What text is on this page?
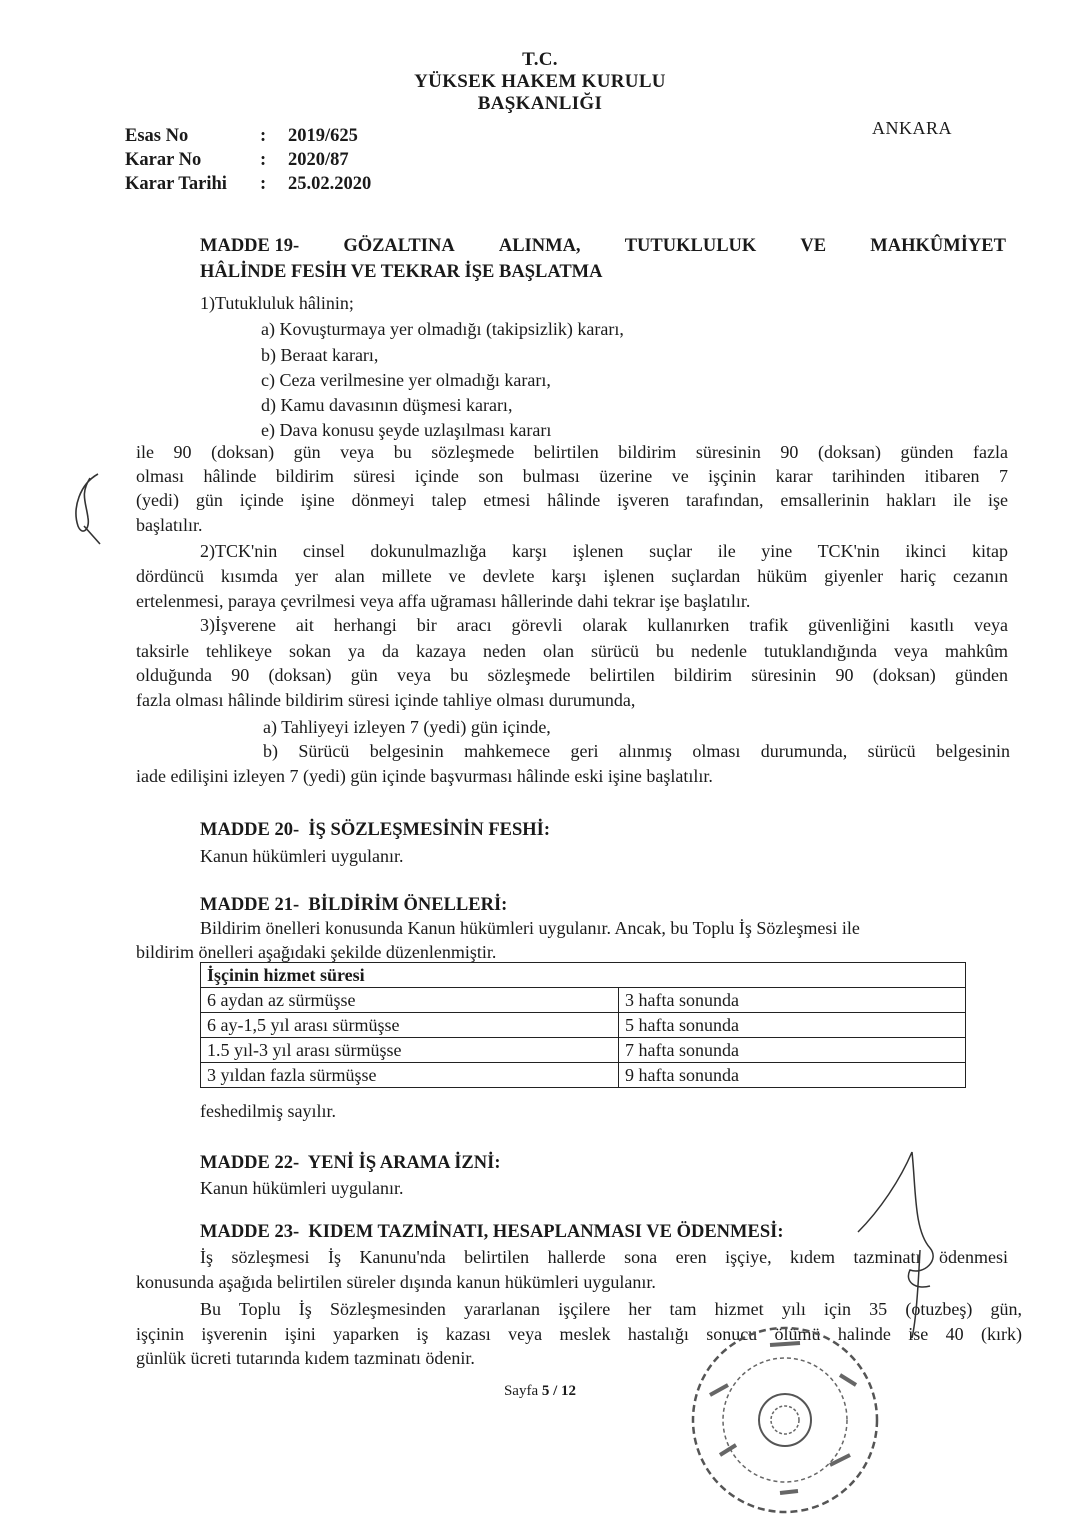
T.C.
YÜKSEK HAKEM KURULU
BAŞKANLIĞI
ANKARA
Esas No	:	2019/625
Karar No	:	2020/87
Karar Tarihi	:	25.02.2020
MADDE 19- GÖZALTINA ALINMA, TUTUKLULUK VE MAHKÛMİYET
HÂLİNDE FESİH VE TEKRAR İŞE BAŞLATMA
1)Tutukluluk hâlinin;
a) Kovuşturmaya yer olmadığı (takipsizlik) kararı,
b) Beraat kararı,
c) Ceza verilmesine yer olmadığı kararı,
d) Kamu davasının düşmesi kararı,
e) Dava konusu şeyde uzlaşılması kararı
ile 90 (doksan) gün veya bu sözleşmede belirtilen bildirim süresinin 90 (doksan) günden fazla
olması hâlinde bildirim süresi içinde son bulması üzerine ve işçinin karar tarihinden itibaren 7
(yedi) gün içinde işine dönmeyi talep etmesi hâlinde işveren tarafından, emsallerinin hakları ile işe
başlatılır.
2)TCK'nin cinsel dokunulmazlığa karşı işlenen suçlar ile yine TCK'nin ikinci kitap
dördüncü kısımda yer alan millete ve devlete karşı işlenen suçlardan hüküm giyenler hariç cezanın
ertelenmesi, paraya çevrilmesi veya affa uğraması hâllerinde dahi tekrar işe başlatılır.
3)İşverene ait herhangi bir aracı görevli olarak kullanırken trafik güvenliğini kasıtlı veya
taksirle tehlikeye sokan ya da kazaya neden olan sürücü bu nedenle tutuklandığında veya mahkûm
olduğunda 90 (doksan) gün veya bu sözleşmede belirtilen bildirim süresinin 90 (doksan) günden
fazla olması hâlinde bildirim süresi içinde tahliye olması durumunda,
a) Tahliyeyi izleyen 7 (yedi) gün içinde,
b) Sürücü belgesinin mahkemece geri alınmış olması durumunda, sürücü belgesinin
iade edilişini izleyen 7 (yedi) gün içinde başvurması hâlinde eski işine başlatılır.
MADDE 20- İŞ SÖZLEŞMESİNİN FESHİ:
Kanun hükümleri uygulanır.
MADDE 21- BİLDİRİM ÖNELLERİ:
Bildirim önelleri konusunda Kanun hükümleri uygulanır. Ancak, bu Toplu İş Sözleşmesi ile
bildirim önelleri aşağıdaki şekilde düzenlenmiştir.
İşçinin hizmet süresi	
6 aydan az sürmüşse	3 hafta sonunda
6 ay-1,5 yıl arası sürmüşse	5 hafta sonunda
1.5 yıl-3 yıl arası sürmüşse	7 hafta sonunda
3 yıldan fazla sürmüşse	9 hafta sonunda
feshedilmiş sayılır.
MADDE 22- YENİ İŞ ARAMA İZNİ:
Kanun hükümleri uygulanır.
MADDE 23- KIDEM TAZMİNATI, HESAPLANMASI VE ÖDENMESİ:
İş sözleşmesi İş Kanunu'nda belirtilen hallerde sona eren işçiye, kıdem tazminatı ödenmesi
konusunda aşağıda belirtilen süreler dışında kanun hükümleri uygulanır.
Bu Toplu İş Sözleşmesinden yararlanan işçilere her tam hizmet yılı için 35 (otuzbeş) gün,
işçinin işverenin işini yaparken iş kazası veya meslek hastalığı sonucu ölümü halinde ise 40 (kırk)
günlük ücreti tutarında kıdem tazminatı ödenir.
Sayfa 5 / 12
